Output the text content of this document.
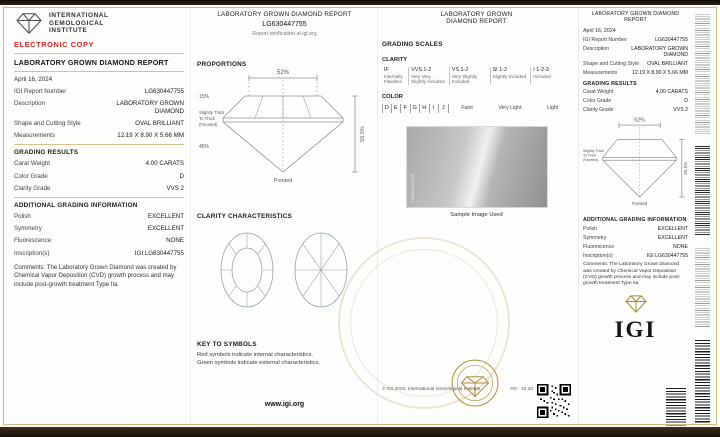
INTERNATIONAL
GEMOLOGICAL
INSTITUTE
ELECTRONIC COPY
LABORATORY GROWN DIAMOND REPORT
April 16, 2024
IGI Report Number	LG630447755
Description	LABORATORY GROWN DIAMOND
Shape and Cutting Style	OVAL BRILLIANT
Measurements	12.19 X 8.90 X 5.66 MM
GRADING RESULTS
Carat Weight	4.00 CARATS
Color Grade	D
Clarity Grade	VVS 2
ADDITIONAL GRADING INFORMATION
Polish	EXCELLENT
Symmetry	EXCELLENT
Fluorescence	NONE
Inscription(s)	IGI LG630447755

Comments: The Laboratory Grown Diamond was created by Chemical Vapor Deposition (CVD) growth process and may include post-growth treatment Type IIa

LABORATORY GROWN DIAMOND REPORT
LG630447755
Report verification at igi.org
PROPORTIONS
52%
15%
Slightly Thick
To Thick
(Faceted)
45%
55.5%
Pointed
CLARITY CHARACTERISTICS
KEY TO SYMBOLS

Red symbols indicate internal characteristics.
Green symbols indicate external characteristics.

www.igi.org
LABORATORY GROWN
DIAMOND REPORT
GRADING SCALES
CLARITY
IF
Internally Flawless
VVS 1-2
Very Very Slightly Included
VS 1-2
Very Slightly Included
SI 1-2
Slightly Included
I 1-2-3
Included
COLOR
D E	F	G H	I	J	Faint	Very Light	Light
LG630447755
Sample Image Used
© IGI 2020, International Gemological Institute	FD - 10.20
LABORATORY GROWN DIAMOND REPORT
April 16, 2024
IGI Report Number	LG630447755
Description	LABORATORY GROWN DIAMOND
Shape and Cutting Style OVAL BRILLIANT
Measurements	12.19 X 8.90 X 5.66 MM
GRADING RESULTS
Carat Weight	4.00 CARATS
Color Grade	D
Clarity Grade	VVS 2
52%
Slightly Thick
To Thick
(Faceted)
55.5%
Pointed
ADDITIONAL GRADING INFORMATION
Polish	EXCELLENT
Symmetry	EXCELLENT
Fluorescence	NONE
Inscription(s)	IGI LG630447755

Comments: The Laboratory Grown Diamond was created by Chemical Vapor Deposition (CVD) growth process and may include post-growth treatment Type IIa

IGI
